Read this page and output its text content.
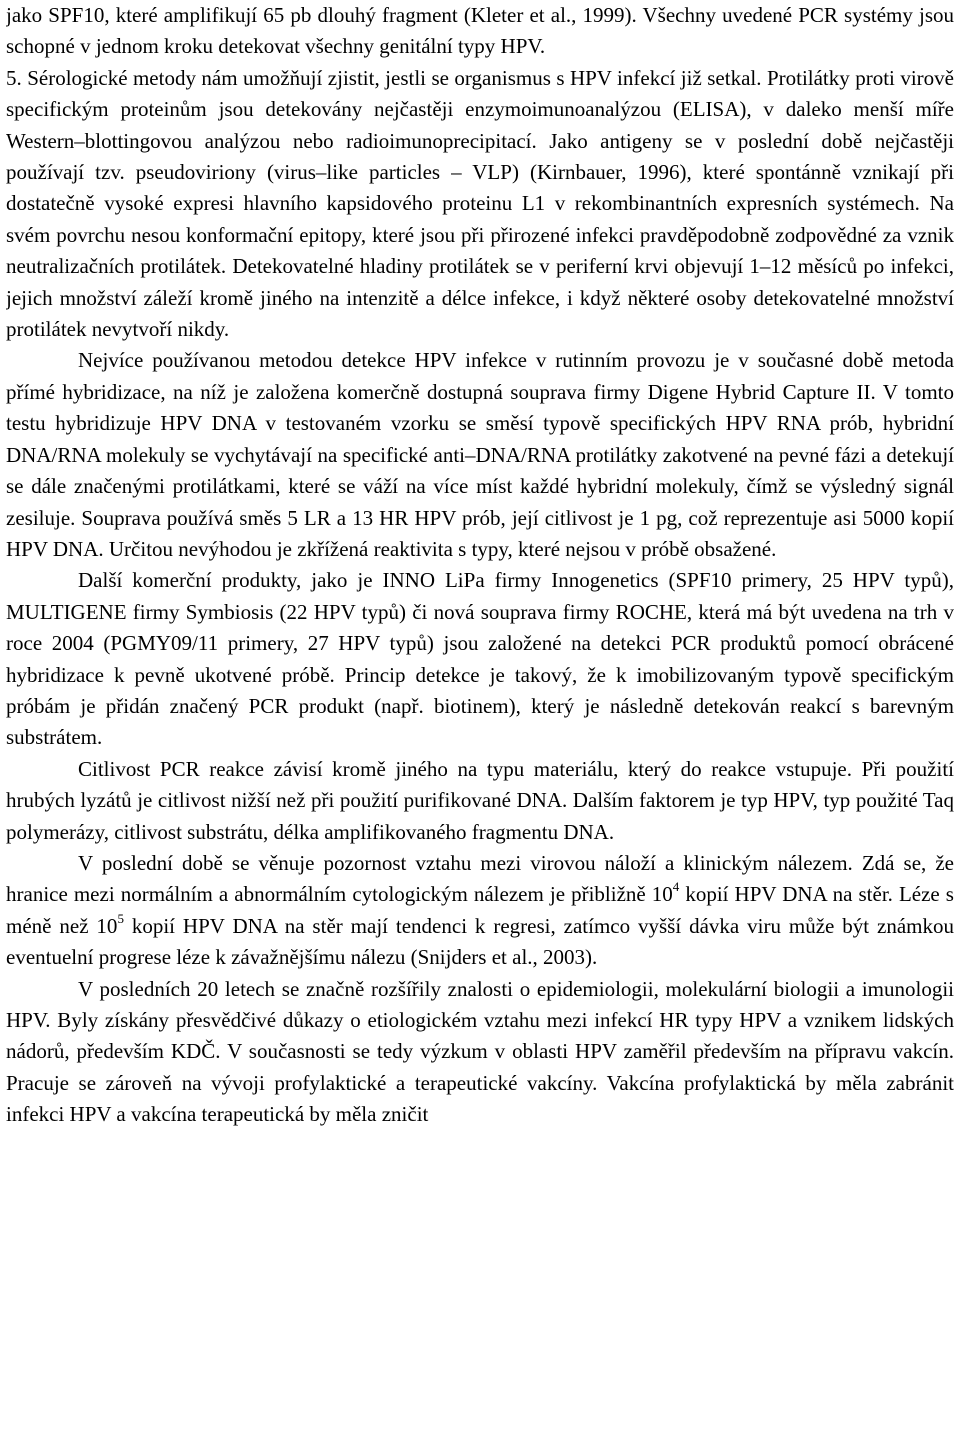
jako SPF10, které amplifikují 65 pb dlouhý fragment (Kleter et al., 1999). Všechny uvedené PCR systémy jsou schopné v jednom kroku detekovat všechny genitální typy HPV.

5. Sérologické metody nám umožňují zjistit, jestli se organismus s HPV infekcí již setkal. Protilátky proti virově specifickým proteinům jsou detekovány nejčastěji enzymoimunoanalýzou (ELISA), v daleko menší míře Western–blottingovou analýzou nebo radioimunoprecipitací. Jako antigeny se v poslední době nejčastěji používají tzv. pseudoviriony (virus–like particles – VLP) (Kirnbauer, 1996), které spontánně vznikají při dostatečně vysoké expresi hlavního kapsidového proteinu L1 v rekombinantních expresních systémech. Na svém povrchu nesou konformační epitopy, které jsou při přirozené infekci pravděpodobně zodpovědné za vznik neutralizačních protilátek. Detekovatelné hladiny protilátek se v periferní krvi objevují 1–12 měsíců po infekci, jejich množství záleží kromě jiného na intenzitě a délce infekce, i když některé osoby detekovatelné množství protilátek nevytvoří nikdy.

Nejvíce používanou metodou detekce HPV infekce v rutinním provozu je v současné době metoda přímé hybridizace, na níž je založena komerčně dostupná souprava firmy Digene Hybrid Capture II. V tomto testu hybridizuje HPV DNA v testovaném vzorku se směsí typově specifických HPV RNA prób, hybridní DNA/RNA molekuly se vychytávají na specifické anti–DNA/RNA protilátky zakotvené na pevné fázi a detekují se dále značenými protilátkami, které se váží na více míst každé hybridní molekuly, čímž se výsledný signál zesiluje. Souprava používá směs 5 LR a 13 HR HPV prób, její citlivost je 1 pg, což reprezentuje asi 5000 kopií HPV DNA. Určitou nevýhodou je zkřížená reaktivita s typy, které nejsou v próbě obsažené.

Další komerční produkty, jako je INNO LiPa firmy Innogenetics (SPF10 primery, 25 HPV typů), MULTIGENE firmy Symbiosis (22 HPV typů) či nová souprava firmy ROCHE, která má být uvedena na trh v roce 2004 (PGMY09/11 primery, 27 HPV typů) jsou založené na detekci PCR produktů pomocí obrácené hybridizace k pevně ukotvené próbě. Princip detekce je takový, že k imobilizovaným typově specifickým próbám je přidán značený PCR produkt (např. biotinem), který je následně detekován reakcí s barevným substrátem.

Citlivost PCR reakce závisí kromě jiného na typu materiálu, který do reakce vstupuje. Při použití hrubých lyzátů je citlivost nižší než při použití purifikované DNA. Dalším faktorem je typ HPV, typ použité Taq polymerázy, citlivost substrátu, délka amplifikovaného fragmentu DNA.

V poslední době se věnuje pozornost vztahu mezi virovou náloží a klinickým nálezem. Zdá se, že hranice mezi normálním a abnormálním cytologickým nálezem je přibližně $10^4$ kopií HPV DNA na stěr. Léze s méně než $10^5$ kopií HPV DNA na stěr mají tendenci k regresi, zatímco vyšší dávka viru může být známkou eventuelní progrese léze k závažnějšímu nálezu (Snijders et al., 2003).

V posledních 20 letech se značně rozšířily znalosti o epidemiologii, molekulární biologii a imunologii HPV. Byly získány přesvědčivé důkazy o etiologickém vztahu mezi infekcí HR typy HPV a vznikem lidských nádorů, především KDČ. V současnosti se tedy výzkum v oblasti HPV zaměřil především na přípravu vakcín. Pracuje se zároveň na vývoji profylaktické a terapeutické vakcíny. Vakcína profylaktická by měla zabránit infekci HPV a vakcína terapeutická by měla zničit
